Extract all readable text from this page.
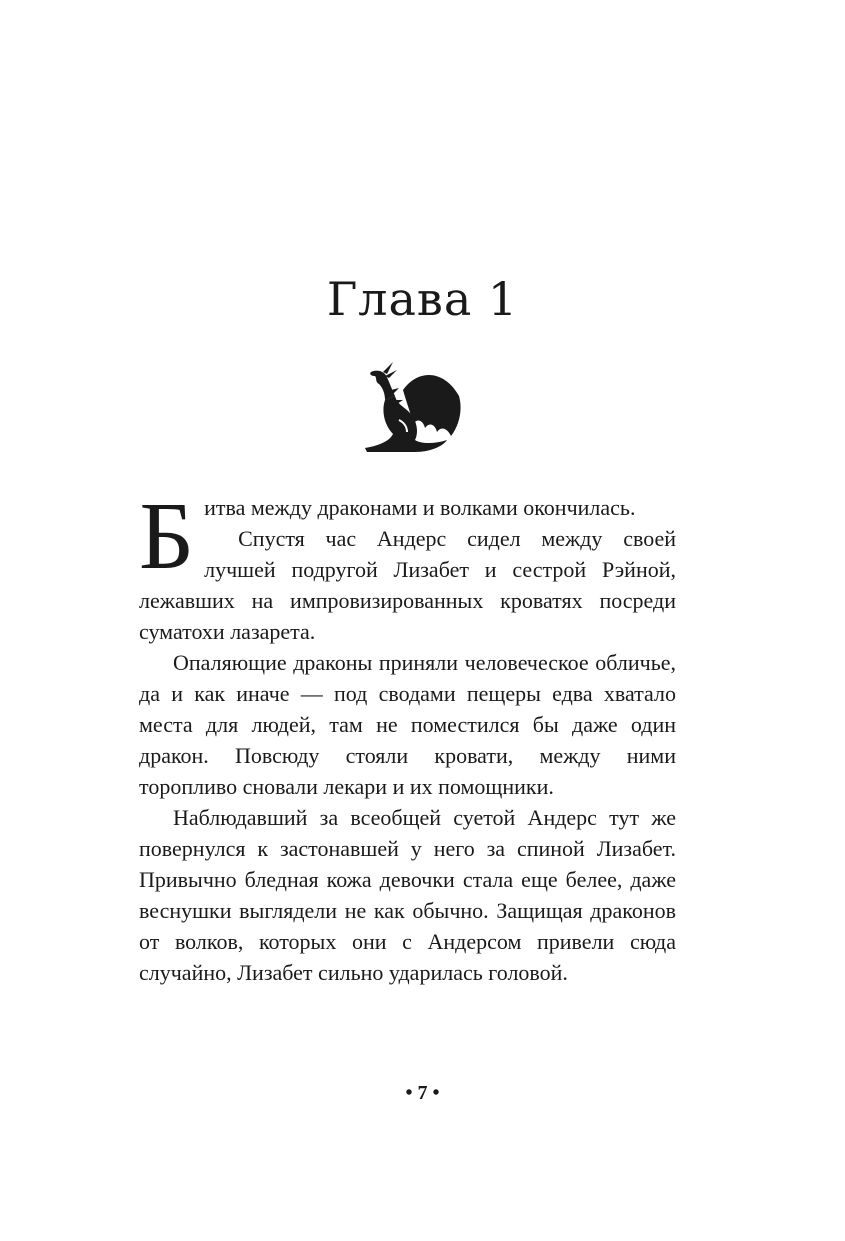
Глава 1

Битва между драконами и волками окончилась.

Спустя час Андерс сидел между своей лучшей подругой Лизабет и сестрой Рэйной, лежавших на импровизированных кроватях посреди суматохи лазарета.

Опаляющие драконы приняли человеческое обличье, да и как иначе — под сводами пещеры едва хватало места для людей, там не поместился бы даже один дракон. Повсюду стояли кровати, между ними торопливо сновали лекари и их помощники.

Наблюдавший за всеобщей суетой Андерс тут же повернулся к застонавшей у него за спиной Лизабет. Привычно бледная кожа девочки стала еще белее, даже веснушки выглядели не как обычно. Защищая драконов от волков, которых они с Андерсом привели сюда случайно, Лизабет сильно ударилась головой.

• 7 •
